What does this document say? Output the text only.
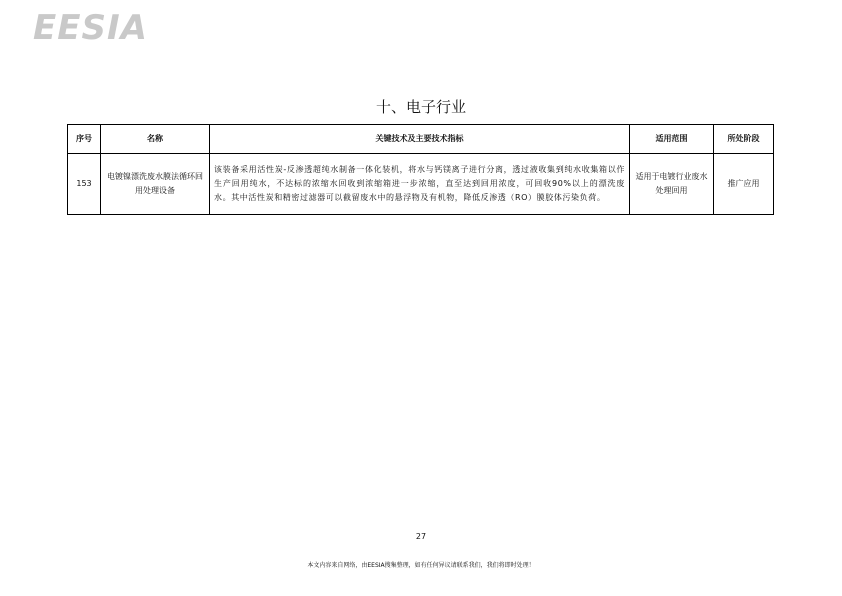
EESIA
十、电子行业
序号	名称	关键技术及主要技术指标	适用范围	所处阶段
153	电镀镍漂洗废水膜法循环回用处理设备	该装备采用活性炭-反渗透超纯水制备一体化装机，将水与钙镁离子进行分离，透过液收集到纯水收集箱以作生产回用纯水，不达标的浓缩水回收到浓缩箱进一步浓缩，直至达到回用浓度，可回收90%以上的漂洗废水。其中活性炭和精密过滤器可以截留废水中的悬浮物及有机物，降低反渗透（RO）膜胶体污染负荷。	适用于电镀行业废水处理回用	推广应用
27
本文内容来自网络，由EESIA搜集整理，如有任何异议请联系我们，我们将即时处理！
